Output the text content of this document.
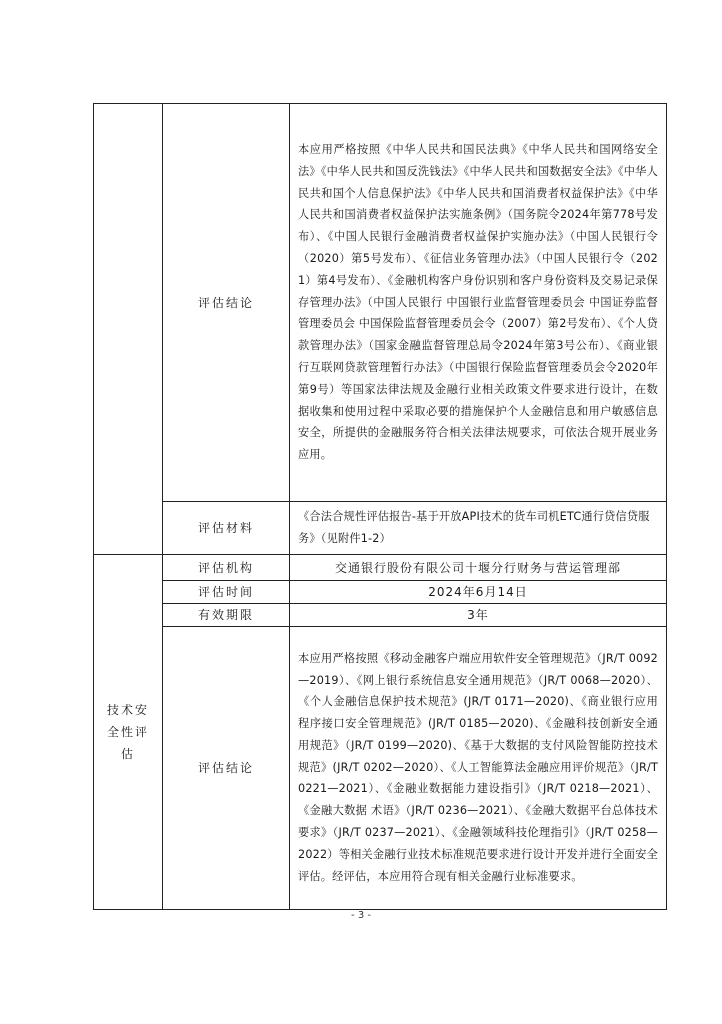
	评估结论	本应用严格按照《中华人民共和国民法典》《中华人民共和国网络安全法》《中华人民共和国反洗钱法》《中华人民共和国数据安全法》《中华人民共和国个人信息保护法》《中华人民共和国消费者权益保护法》《中华人民共和国消费者权益保护法实施条例》（国务院令2024年第778号发布）、《中国人民银行金融消费者权益保护实施办法》（中国人民银行令（2020）第5号发布）、《征信业务管理办法》（中国人民银行令（2021）第4号发布）、《金融机构客户身份识别和客户身份资料及交易记录保存管理办法》（中国人民银行 中国银行业监督管理委员会 中国证券监督管理委员会 中国保险监督管理委员会令（2007）第2号发布）、《个人贷款管理办法》（国家金融监督管理总局令2024年第3号公布）、《商业银行互联网贷款管理暂行办法》（中国银行保险监督管理委员会令2020年第9号）等国家法律法规及金融行业相关政策文件要求进行设计，在数据收集和使用过程中采取必要的措施保护个人金融信息和用户敏感信息安全，所提供的金融服务符合相关法律法规要求，可依法合规开展业务应用。
	评估材料	《合法合规性评估报告-基于开放API技术的货车司机ETC通行贷信贷服务》（见附件1-2）
技术安全性评估	评估机构	交通银行股份有限公司十堰分行财务与营运管理部
	评估时间	2024年6月14日
	有效期限	3年
	评估结论	本应用严格按照《移动金融客户端应用软件安全管理规范》（JR/T 0092—2019）、《网上银行系统信息安全通用规范》（JR/T 0068—2020）、《个人金融信息保护技术规范》(JR/T 0171—2020)、《商业银行应用程序接口安全管理规范》(JR/T 0185—2020)、《金融科技创新安全通用规范》（JR/T 0199—2020)、《基于大数据的支付风险智能防控技术规范》(JR/T 0202—2020）、《人工智能算法金融应用评价规范》（JR/T 0221—2021）、《金融业数据能力建设指引》（JR/T 0218—2021）、《金融大数据 术语》（JR/T 0236—2021）、《金融大数据平台总体技术要求》（JR/T 0237—2021）、《金融领域科技伦理指引》（JR/T 0258—2022）等相关金融行业技术标准规范要求进行设计开发并进行全面安全评估。经评估，本应用符合现有相关金融行业标准要求。
- 3 -
